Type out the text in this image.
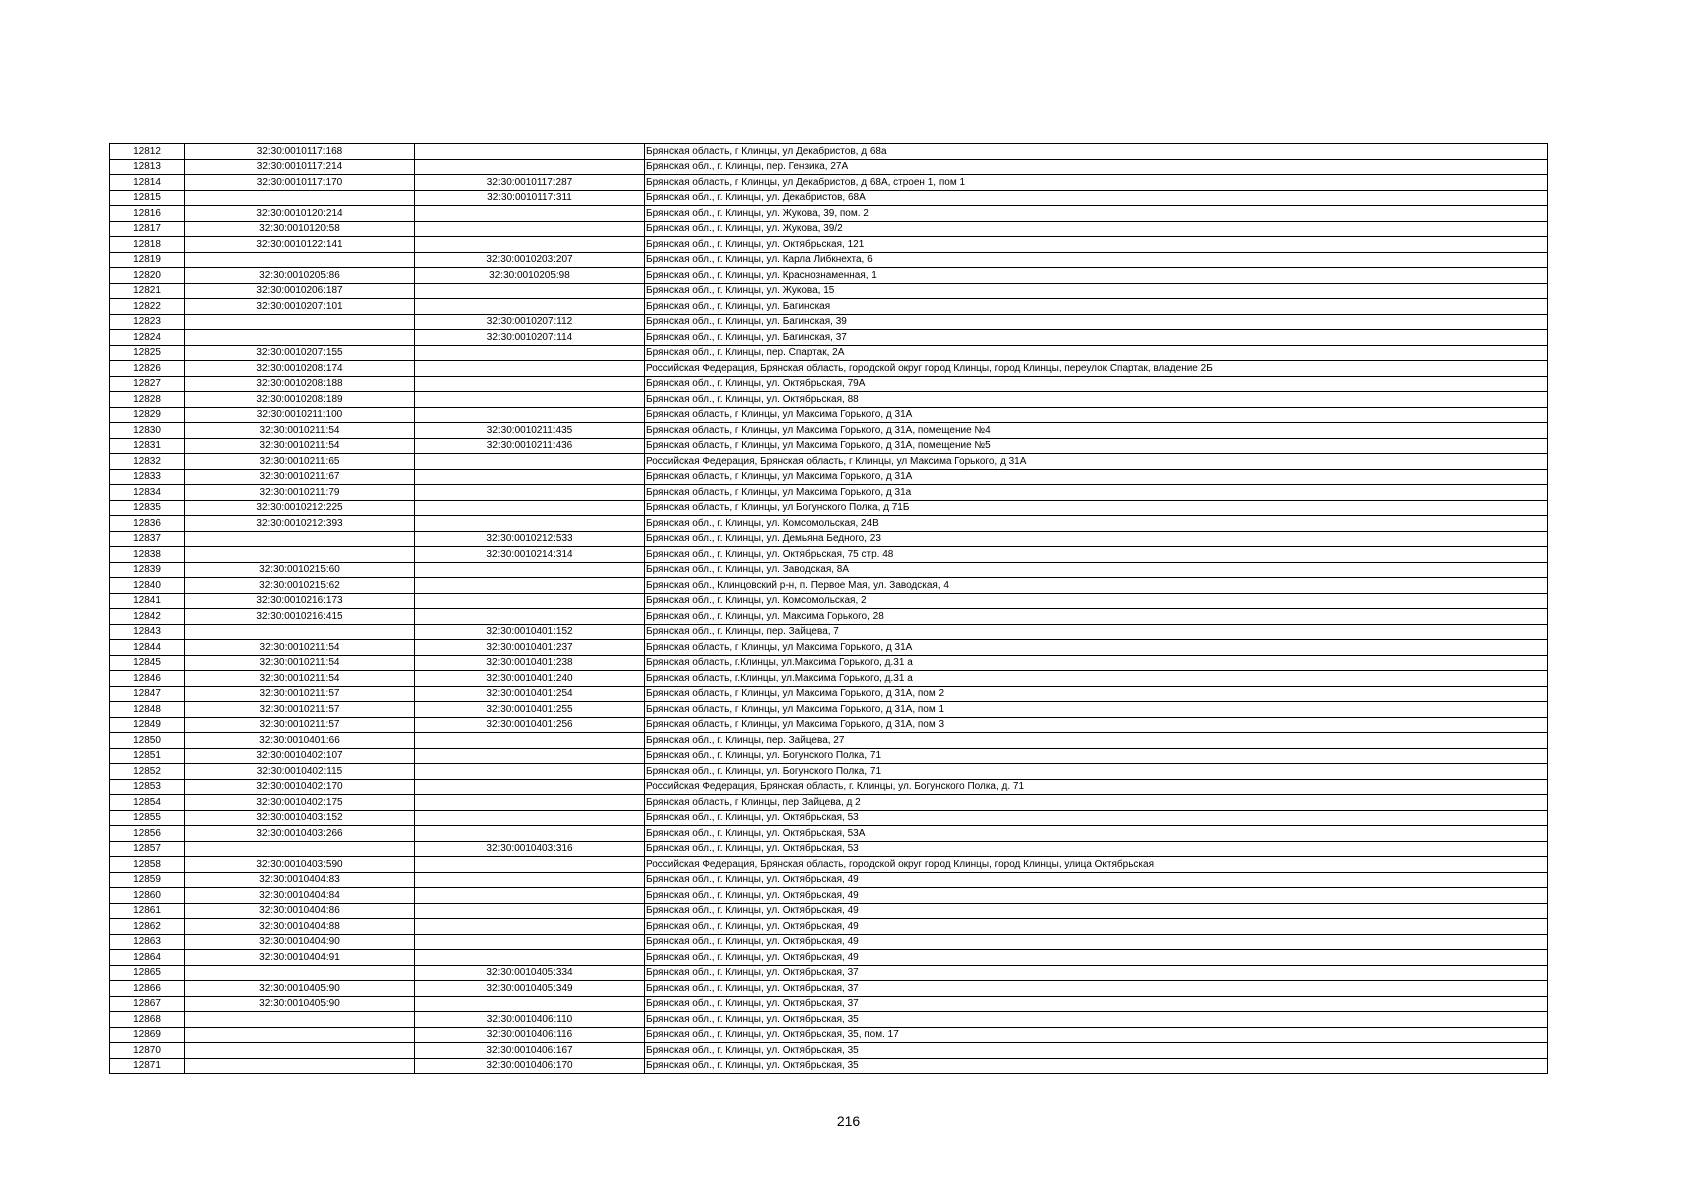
12812	32:30:0010117:168		Брянская область, г Клинцы, ул Декабристов, д 68а
12813	32:30:0010117:214		Брянская обл., г. Клинцы, пер. Гензика, 27А
12814	32:30:0010117:170	32:30:0010117:287	Брянская область, г Клинцы, ул Декабристов, д 68А, строен 1, пом 1
12815		32:30:0010117:311	Брянская обл., г. Клинцы, ул. Декабристов, 68А
12816	32:30:0010120:214		Брянская обл., г. Клинцы, ул. Жукова, 39, пом. 2
12817	32:30:0010120:58		Брянская обл., г. Клинцы, ул. Жукова, 39/2
12818	32:30:0010122:141		Брянская обл., г. Клинцы, ул. Октябрьская, 121
12819		32:30:0010203:207	Брянская обл., г. Клинцы, ул. Карла Либкнехта, 6
12820	32:30:0010205:86	32:30:0010205:98	Брянская обл., г. Клинцы, ул. Краснознаменная, 1
12821	32:30:0010206:187		Брянская обл., г. Клинцы, ул. Жукова, 15
12822	32:30:0010207:101		Брянская обл., г. Клинцы, ул. Багинская
12823		32:30:0010207:112	Брянская обл., г. Клинцы, ул. Багинская, 39
12824		32:30:0010207:114	Брянская обл., г. Клинцы, ул. Багинская, 37
12825	32:30:0010207:155		Брянская обл., г. Клинцы, пер. Спартак, 2А
12826	32:30:0010208:174		Российская Федерация, Брянская область, городской округ город Клинцы, город Клинцы, переулок Спартак, владение 2Б
12827	32:30:0010208:188		Брянская обл., г. Клинцы, ул. Октябрьская, 79А
12828	32:30:0010208:189		Брянская обл., г. Клинцы, ул. Октябрьская, 88
12829	32:30:0010211:100		Брянская область, г Клинцы, ул Максима Горького, д 31А
12830	32:30:0010211:54	32:30:0010211:435	Брянская область, г Клинцы, ул Максима Горького, д 31А, помещение №4
12831	32:30:0010211:54	32:30:0010211:436	Брянская область, г Клинцы, ул Максима Горького, д 31А, помещение №5
12832	32:30:0010211:65		Российская Федерация, Брянская область, г Клинцы, ул Максима Горького, д 31А
12833	32:30:0010211:67		Брянская область, г Клинцы, ул Максима Горького, д 31А
12834	32:30:0010211:79		Брянская область, г Клинцы, ул Максима Горького, д 31а
12835	32:30:0010212:225		Брянская область, г Клинцы, ул Богунского Полка, д 71Б
12836	32:30:0010212:393		Брянская обл., г. Клинцы, ул. Комсомольская, 24В
12837		32:30:0010212:533	Брянская обл., г. Клинцы, ул. Демьяна Бедного, 23
12838		32:30:0010214:314	Брянская обл., г. Клинцы, ул. Октябрьская, 75 стр. 48
12839	32:30:0010215:60		Брянская обл., г. Клинцы, ул. Заводская, 8А
12840	32:30:0010215:62		Брянская обл., Клинцовский р-н, п. Первое Мая, ул. Заводская, 4
12841	32:30:0010216:173		Брянская обл., г. Клинцы, ул. Комсомольская, 2
12842	32:30:0010216:415		Брянская обл., г. Клинцы, ул. Максима Горького, 28
12843		32:30:0010401:152	Брянская обл., г. Клинцы, пер. Зайцева, 7
12844	32:30:0010211:54	32:30:0010401:237	Брянская область, г Клинцы, ул Максима Горького, д 31А
12845	32:30:0010211:54	32:30:0010401:238	Брянская область, г.Клинцы, ул.Максима Горького, д.31 а
12846	32:30:0010211:54	32:30:0010401:240	Брянская область, г.Клинцы, ул.Максима Горького, д.31 а
12847	32:30:0010211:57	32:30:0010401:254	Брянская область, г Клинцы, ул Максима Горького, д 31А, пом 2
12848	32:30:0010211:57	32:30:0010401:255	Брянская область, г Клинцы, ул Максима Горького, д 31А, пом 1
12849	32:30:0010211:57	32:30:0010401:256	Брянская область, г Клинцы, ул Максима Горького, д 31А, пом 3
12850	32:30:0010401:66		Брянская обл., г. Клинцы, пер. Зайцева, 27
12851	32:30:0010402:107		Брянская обл., г. Клинцы, ул. Богунского Полка, 71
12852	32:30:0010402:115		Брянская обл., г. Клинцы, ул. Богунского Полка, 71
12853	32:30:0010402:170		Российская Федерация, Брянская область, г. Клинцы, ул. Богунского Полка, д. 71
12854	32:30:0010402:175		Брянская область, г Клинцы, пер Зайцева, д 2
12855	32:30:0010403:152		Брянская обл., г. Клинцы, ул. Октябрьская, 53
12856	32:30:0010403:266		Брянская обл., г. Клинцы, ул. Октябрьская, 53А
12857		32:30:0010403:316	Брянская обл., г. Клинцы, ул. Октябрьская, 53
12858	32:30:0010403:590		Российская Федерация, Брянская область, городской округ город Клинцы, город Клинцы, улица Октябрьская
12859	32:30:0010404:83		Брянская обл., г. Клинцы, ул. Октябрьская, 49
12860	32:30:0010404:84		Брянская обл., г. Клинцы, ул. Октябрьская, 49
12861	32:30:0010404:86		Брянская обл., г. Клинцы, ул. Октябрьская, 49
12862	32:30:0010404:88		Брянская обл., г. Клинцы, ул. Октябрьская, 49
12863	32:30:0010404:90		Брянская обл., г. Клинцы, ул. Октябрьская, 49
12864	32:30:0010404:91		Брянская обл., г. Клинцы, ул. Октябрьская, 49
12865		32:30:0010405:334	Брянская обл., г. Клинцы, ул. Октябрьская, 37
12866	32:30:0010405:90	32:30:0010405:349	Брянская обл., г. Клинцы, ул. Октябрьская, 37
12867	32:30:0010405:90		Брянская обл., г. Клинцы, ул. Октябрьская, 37
12868		32:30:0010406:110	Брянская обл., г. Клинцы, ул. Октябрьская, 35
12869		32:30:0010406:116	Брянская обл., г. Клинцы, ул. Октябрьская, 35, пом. 17
12870		32:30:0010406:167	Брянская обл., г. Клинцы, ул. Октябрьская, 35
12871		32:30:0010406:170	Брянская обл., г. Клинцы, ул. Октябрьская, 35
216
